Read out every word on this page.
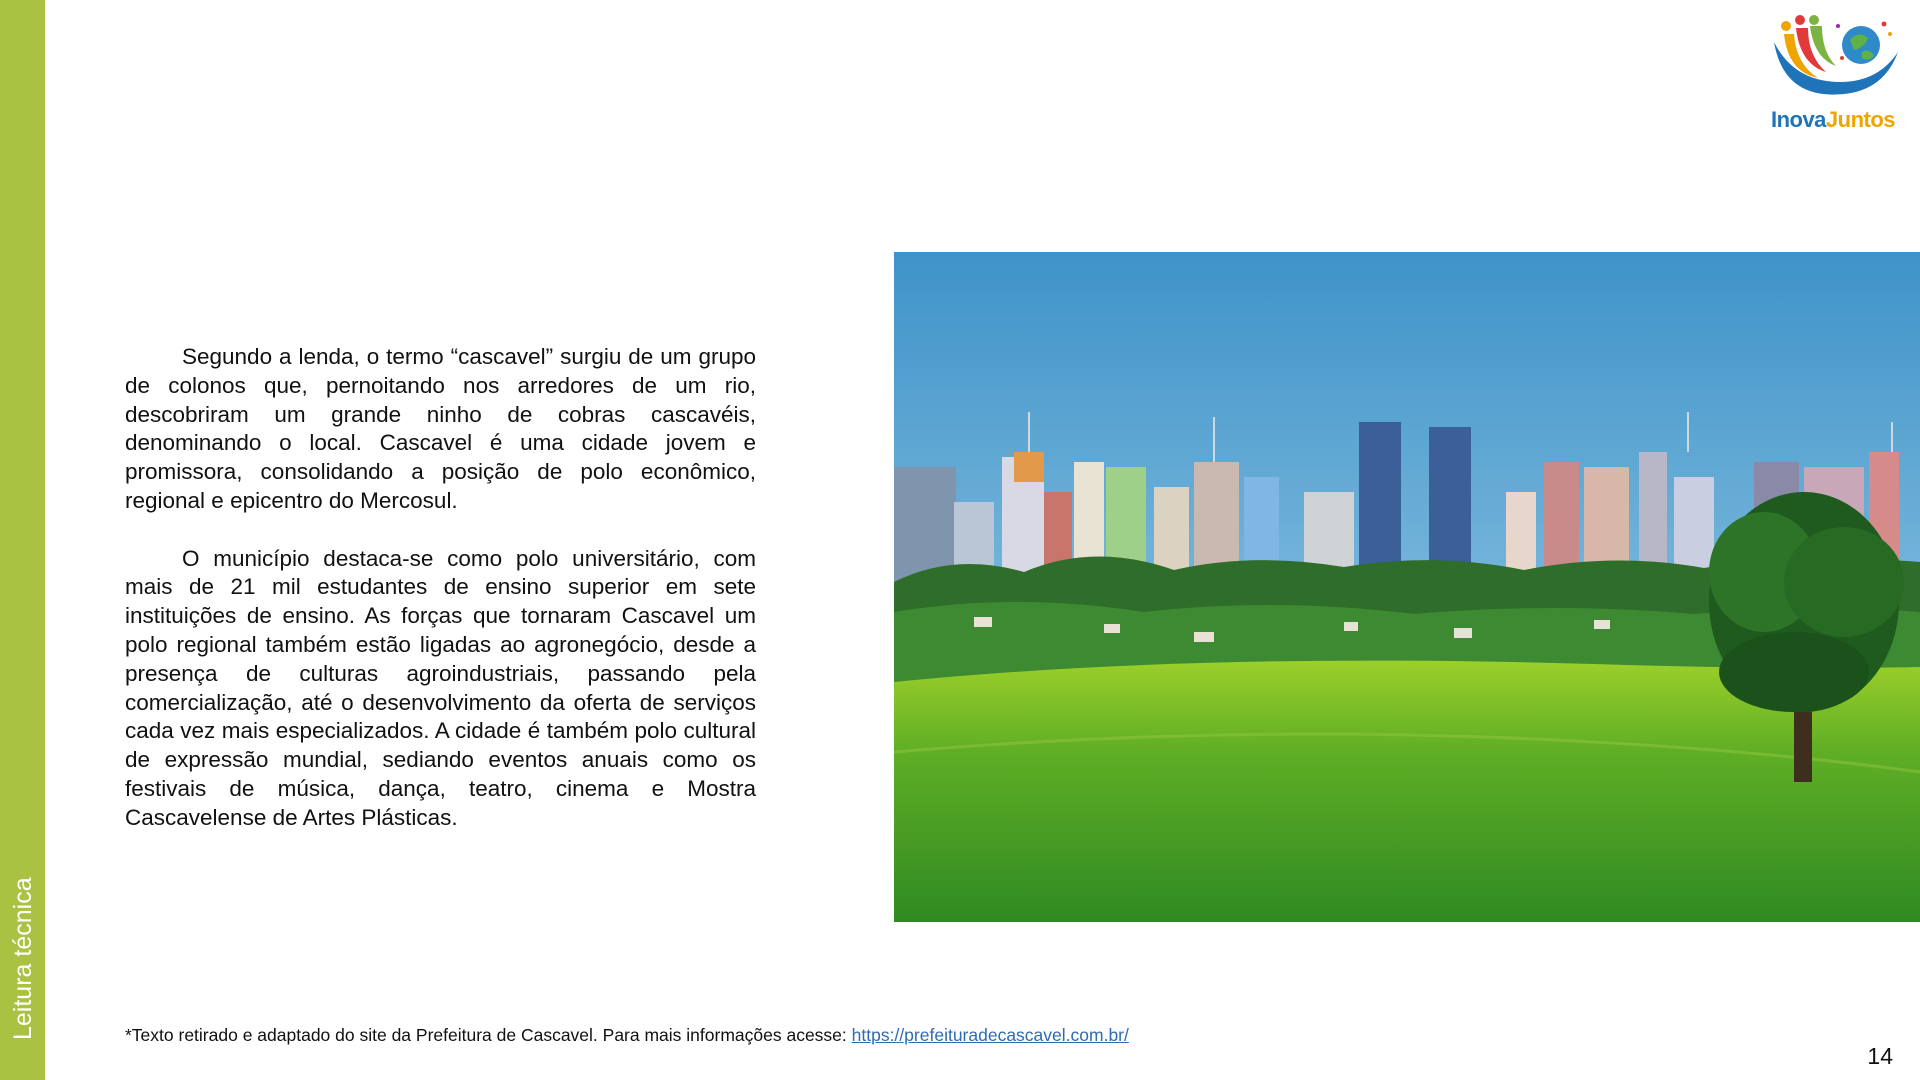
Leitura técnica
InovaJuntos

Segundo a lenda, o termo “cascavel” surgiu de um grupo de colonos que, pernoitando nos arredores de um rio, descobriram um grande ninho de cobras cascavéis, denominando o local. Cascavel é uma cidade jovem e promissora, consolidando a posição de polo econômico, regional e epicentro do Mercosul.

O município destaca-se como polo universitário, com mais de 21 mil estudantes de ensino superior em sete instituições de ensino. As forças que tornaram Cascavel um polo regional também estão ligadas ao agronegócio, desde a presença de culturas agroindustriais, passando pela comercialização, até o desenvolvimento da oferta de serviços cada vez mais especializados. A cidade é também polo cultural de expressão mundial, sediando eventos anuais como os festivais de música, dança, teatro, cinema e Mostra Cascavelense de Artes Plásticas.

*Texto retirado e adaptado do site da Prefeitura de Cascavel. Para mais informações acesse: https://prefeituradecascavel.com.br/
14
